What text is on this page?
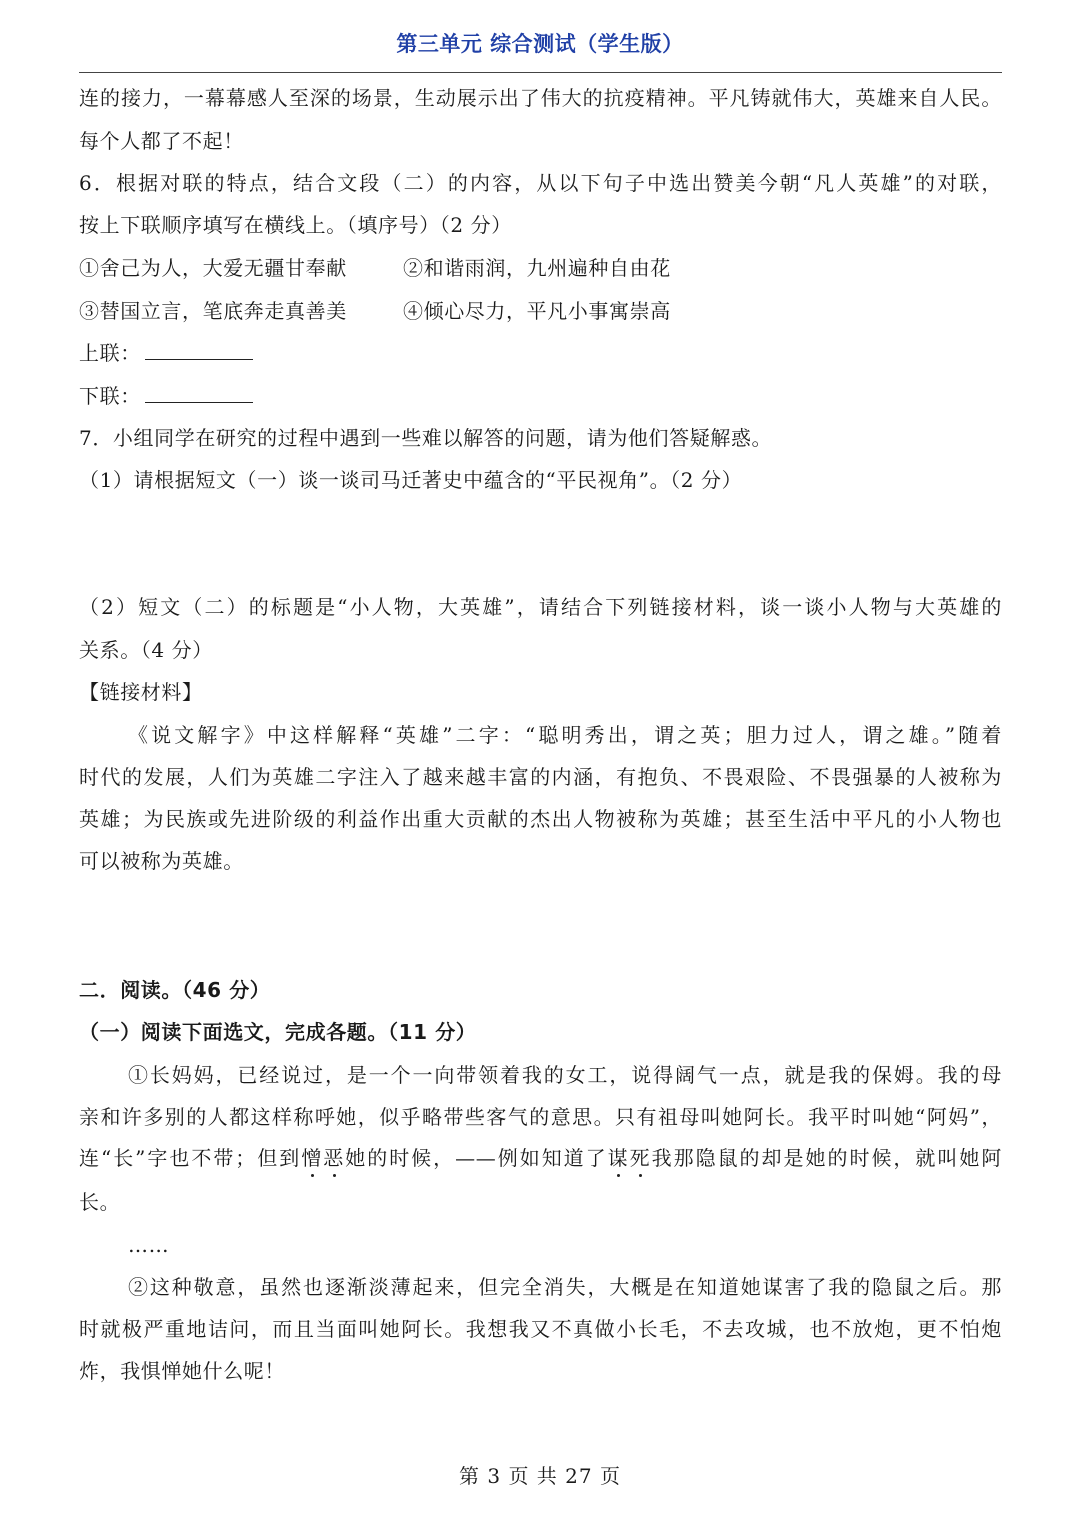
第三单元 综合测试（学生版）
连的接力，一幕幕感人至深的场景，生动展示出了伟大的抗疫精神。平凡铸就伟大，英雄来自人民。
每个人都了不起！
6．根据对联的特点，结合文段（二）的内容，从以下句子中选出赞美今朝“凡人英雄”的对联，
按上下联顺序填写在横线上。（填序号）（2 分）
①舍己为人，大爱无疆甘奉献	②和谐雨润，九州遍种自由花
③替国立言，笔底奔走真善美	④倾心尽力，平凡小事寓崇高
上联：
下联：
7．小组同学在研究的过程中遇到一些难以解答的问题，请为他们答疑解惑。
（1）请根据短文（一）谈一谈司马迁著史中蕴含的“平民视角”。（2 分）
（2）短文（二）的标题是“小人物，大英雄”，请结合下列链接材料，谈一谈小人物与大英雄的
关系。（4 分）
【链接材料】
《说文解字》中这样解释“英雄”二字：“聪明秀出，谓之英；胆力过人，谓之雄。”随着
时代的发展，人们为英雄二字注入了越来越丰富的内涵，有抱负、不畏艰险、不畏强暴的人被称为
英雄；为民族或先进阶级的利益作出重大贡献的杰出人物被称为英雄；甚至生活中平凡的小人物也
可以被称为英雄。
二．阅读。（46 分）
（一）阅读下面选文，完成各题。（11 分）
①长妈妈，已经说过，是一个一向带领着我的女工，说得阔气一点，就是我的保姆。我的母
亲和许多别的人都这样称呼她，似乎略带些客气的意思。只有祖母叫她阿长。我平时叫她“阿妈”，
连“长”字也不带；但到憎恶她的时候，——例如知道了谋死我那隐鼠的却是她的时候，就叫她阿
长。
……
②这种敬意，虽然也逐渐淡薄起来，但完全消失，大概是在知道她谋害了我的隐鼠之后。那
时就极严重地诘问，而且当面叫她阿长。我想我又不真做小长毛，不去攻城，也不放炮，更不怕炮
炸，我惧惮她什么呢！
第 3 页 共 27 页
